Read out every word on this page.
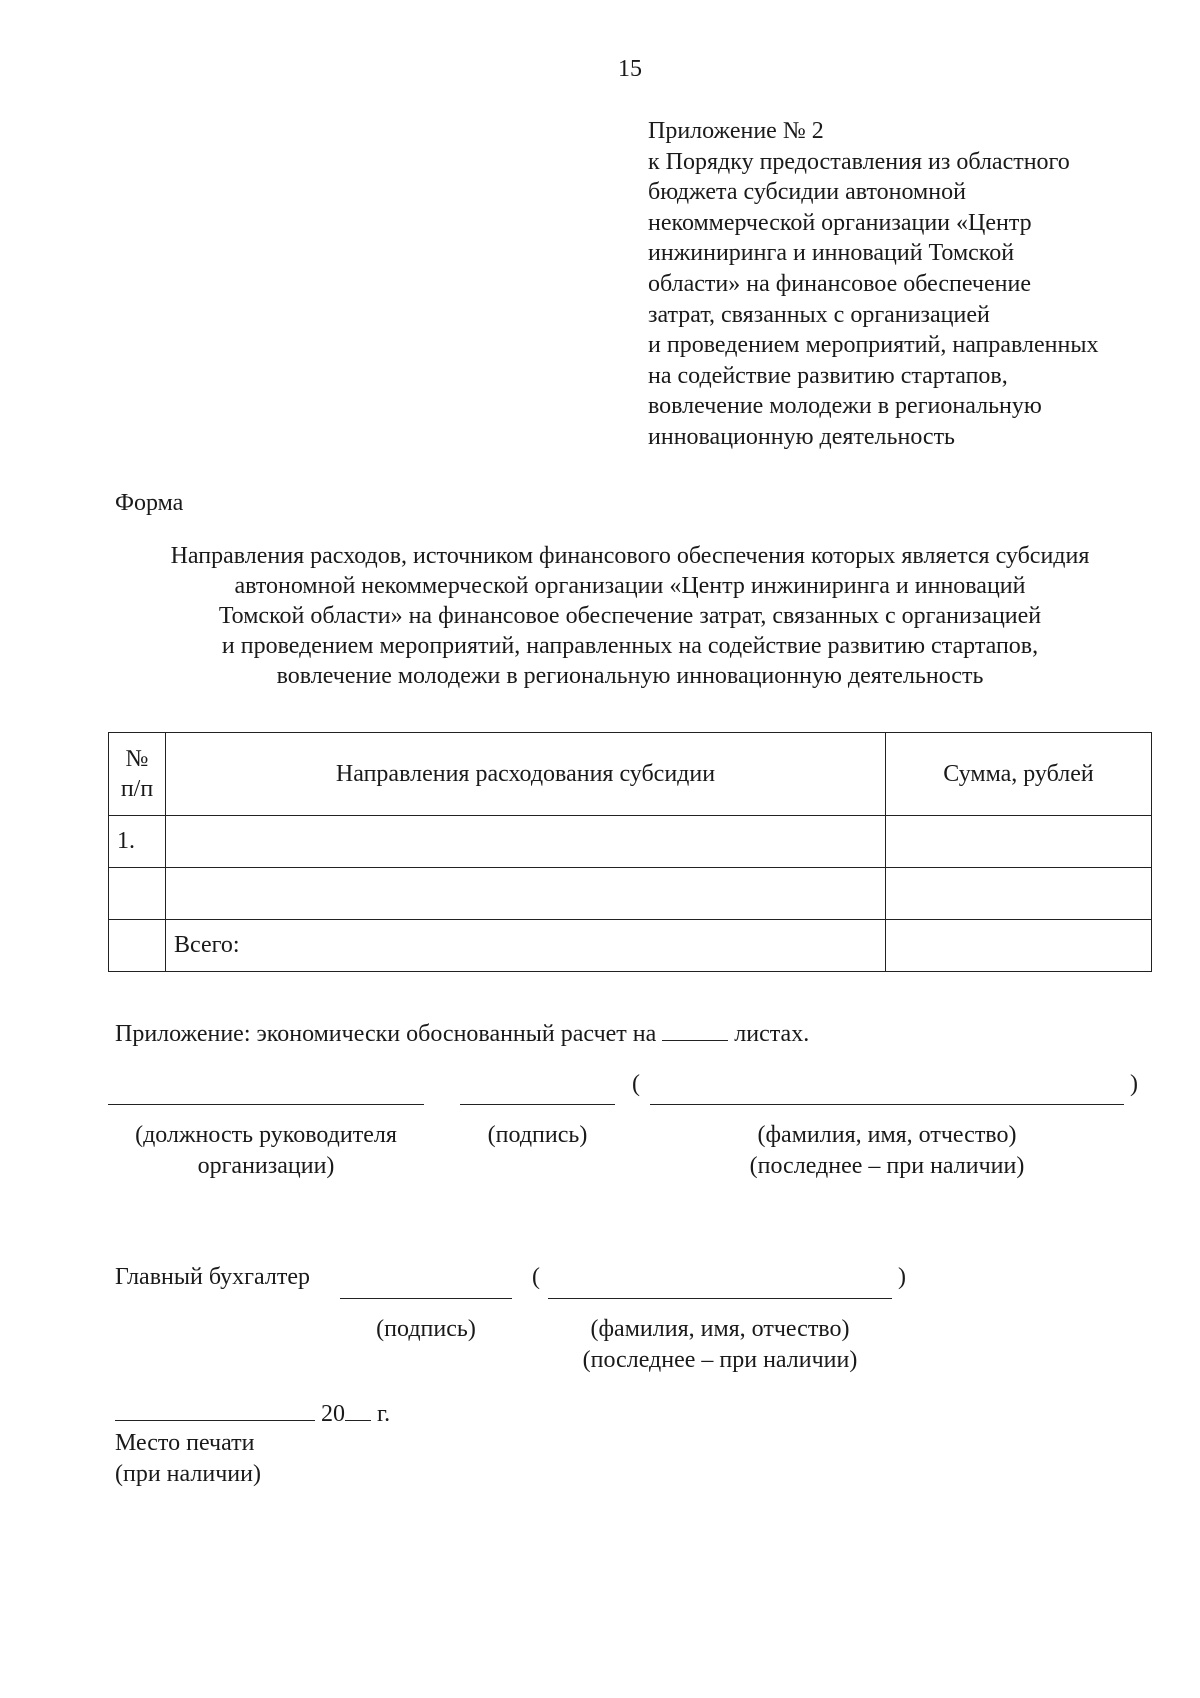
15
Приложение № 2
к Порядку предоставления из областного
бюджета субсидии автономной
некоммерческой организации «Центр
инжиниринга и инноваций Томской
области» на финансовое обеспечение
затрат, связанных с организацией
и проведением мероприятий, направленных
на содействие развитию стартапов,
вовлечение молодежи в региональную
инновационную деятельность
Форма
Направления расходов, источником финансового обеспечения которых является субсидия
автономной некоммерческой организации «Центр инжиниринга и инноваций
Томской области» на финансовое обеспечение затрат, связанных с организацией
и проведением мероприятий, направленных на содействие развитию стартапов,
вовлечение молодежи в региональную инновационную деятельность
№
п/п	Направления расходования субсидии	Сумма, рублей
1.		

	Всего:	
Приложение: экономически обоснованный расчет на	листах.
(	)
(должность руководителя
организации)
(подпись)	(фамилия, имя, отчество)
(последнее – при наличии)
Главный бухгалтер	(	)
(подпись)	(фамилия, имя, отчество)
(последнее – при наличии)
20 г.
Место печати
(при наличии)
